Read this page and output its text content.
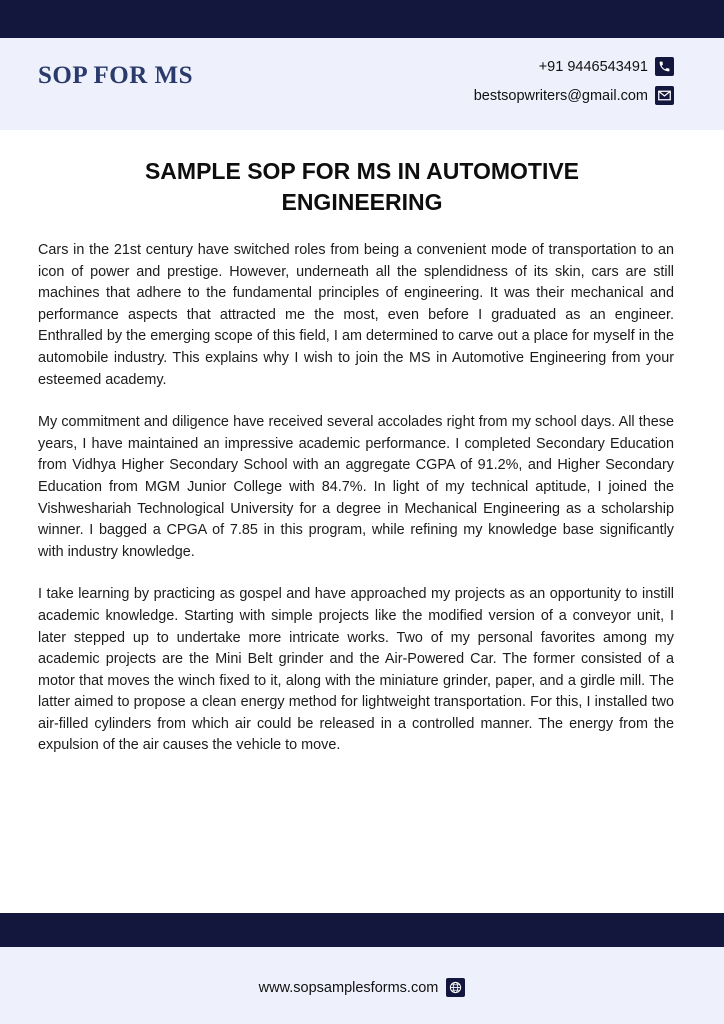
SOP FOR MS	+91 9446543491
bestsopwriters@gmail.com
SAMPLE SOP FOR MS IN AUTOMOTIVE
ENGINEERING

Cars in the 21st century have switched roles from being a convenient mode of transportation to an icon of power and prestige. However, underneath all the splendidness of its skin, cars are still machines that adhere to the fundamental principles of engineering. It was their mechanical and performance aspects that attracted me the most, even before I graduated as an engineer. Enthralled by the emerging scope of this field, I am determined to carve out a place for myself in the automobile industry. This explains why I wish to join the MS in Automotive Engineering from your esteemed academy.

My commitment and diligence have received several accolades right from my school days. All these years, I have maintained an impressive academic performance. I completed Secondary Education from Vidhya Higher Secondary School with an aggregate CGPA of 91.2%, and Higher Secondary Education from MGM Junior College with 84.7%. In light of my technical aptitude, I joined the Vishweshariah Technological University for a degree in Mechanical Engineering as a scholarship winner. I bagged a CPGA of 7.85 in this program, while refining my knowledge base significantly with industry knowledge.

I take learning by practicing as gospel and have approached my projects as an opportunity to instill academic knowledge. Starting with simple projects like the modified version of a conveyor unit, I later stepped up to undertake more intricate works. Two of my personal favorites among my academic projects are the Mini Belt grinder and the Air-Powered Car. The former consisted of a motor that moves the winch fixed to it, along with the miniature grinder, paper, and a girdle mill. The latter aimed to propose a clean energy method for lightweight transportation. For this, I installed two air-filled cylinders from which air could be released in a controlled manner. The energy from the expulsion of the air causes the vehicle to move.

www.sopsamplesforms.com
